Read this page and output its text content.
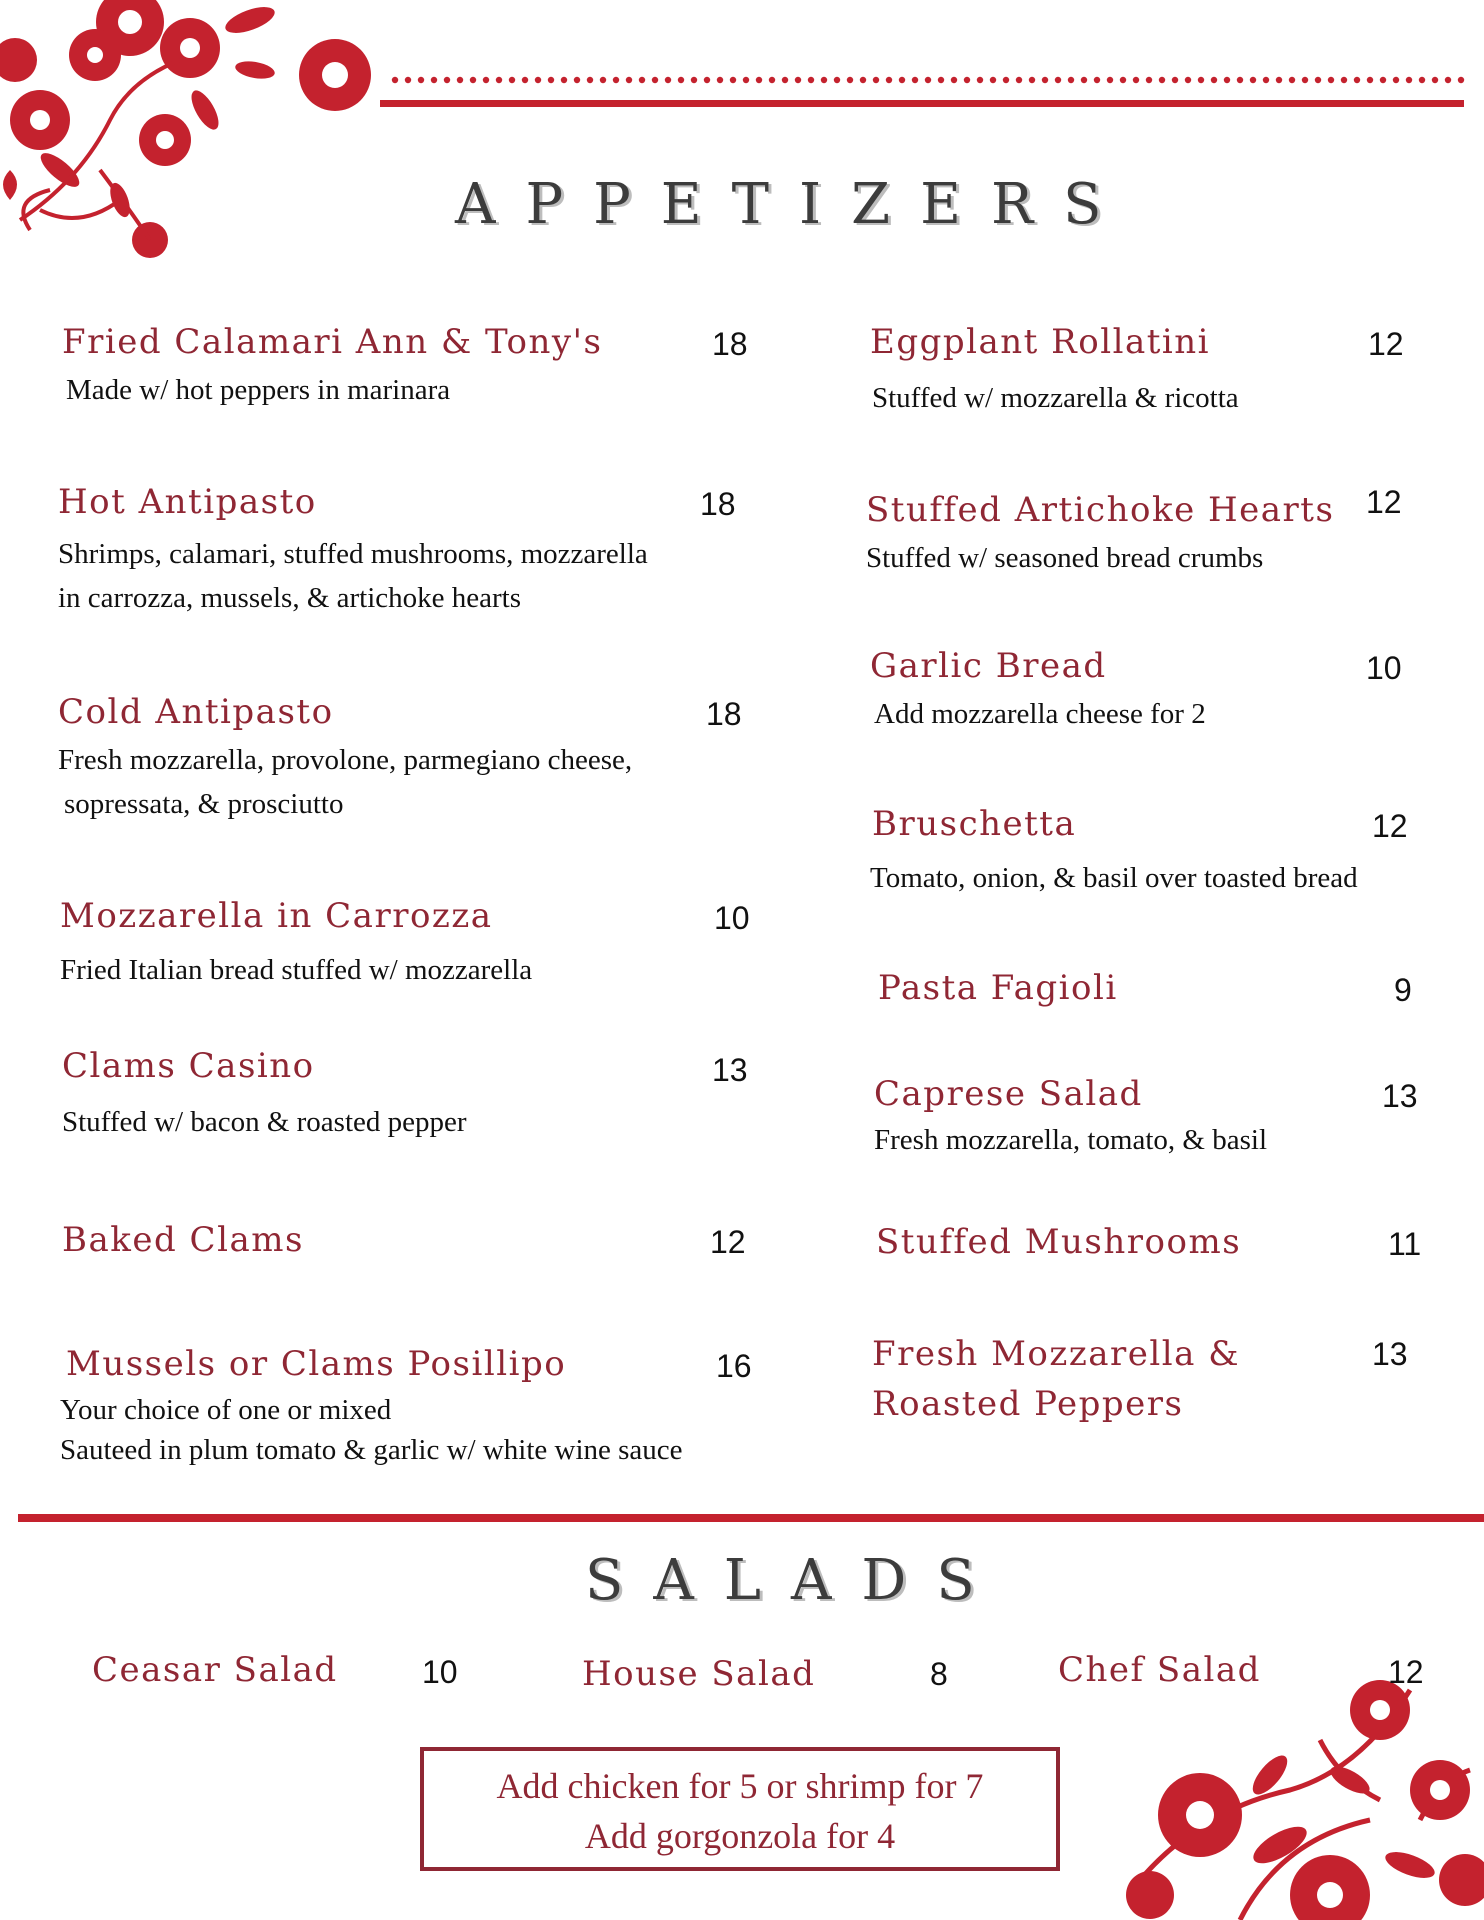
APPETIZERS
Fried Calamari Ann & Tony's	18
Made w/ hot peppers in marinara
Hot Antipasto	18
Shrimps, calamari, stuffed mushrooms, mozzarella
in carrozza, mussels, & artichoke hearts
Cold Antipasto	18
Fresh mozzarella, provolone, parmegiano cheese,
sopressata, & prosciutto
Mozzarella in Carrozza	10
Fried Italian bread stuffed w/ mozzarella
Clams Casino	13
Stuffed w/ bacon & roasted pepper
Baked Clams	12
Mussels or Clams Posillipo	16
Your choice of one or mixed
Sauteed in plum tomato & garlic w/ white wine sauce
Eggplant Rollatini	12
Stuffed w/ mozzarella & ricotta
Stuffed Artichoke Hearts 12
Stuffed w/ seasoned bread crumbs
Garlic Bread	10
Add mozzarella cheese for 2
Bruschetta	12
Tomato, onion, & basil over toasted bread
Pasta Fagioli	9
Caprese Salad	13
Fresh mozzarella, tomato, & basil
Stuffed Mushrooms	11
Fresh Mozzarella &
Roasted Peppers
13
SALADS
Ceasar Salad	10	House Salad	8	Chef Salad	12
Add chicken for 5 or shrimp for 7
Add gorgonzola for 4
